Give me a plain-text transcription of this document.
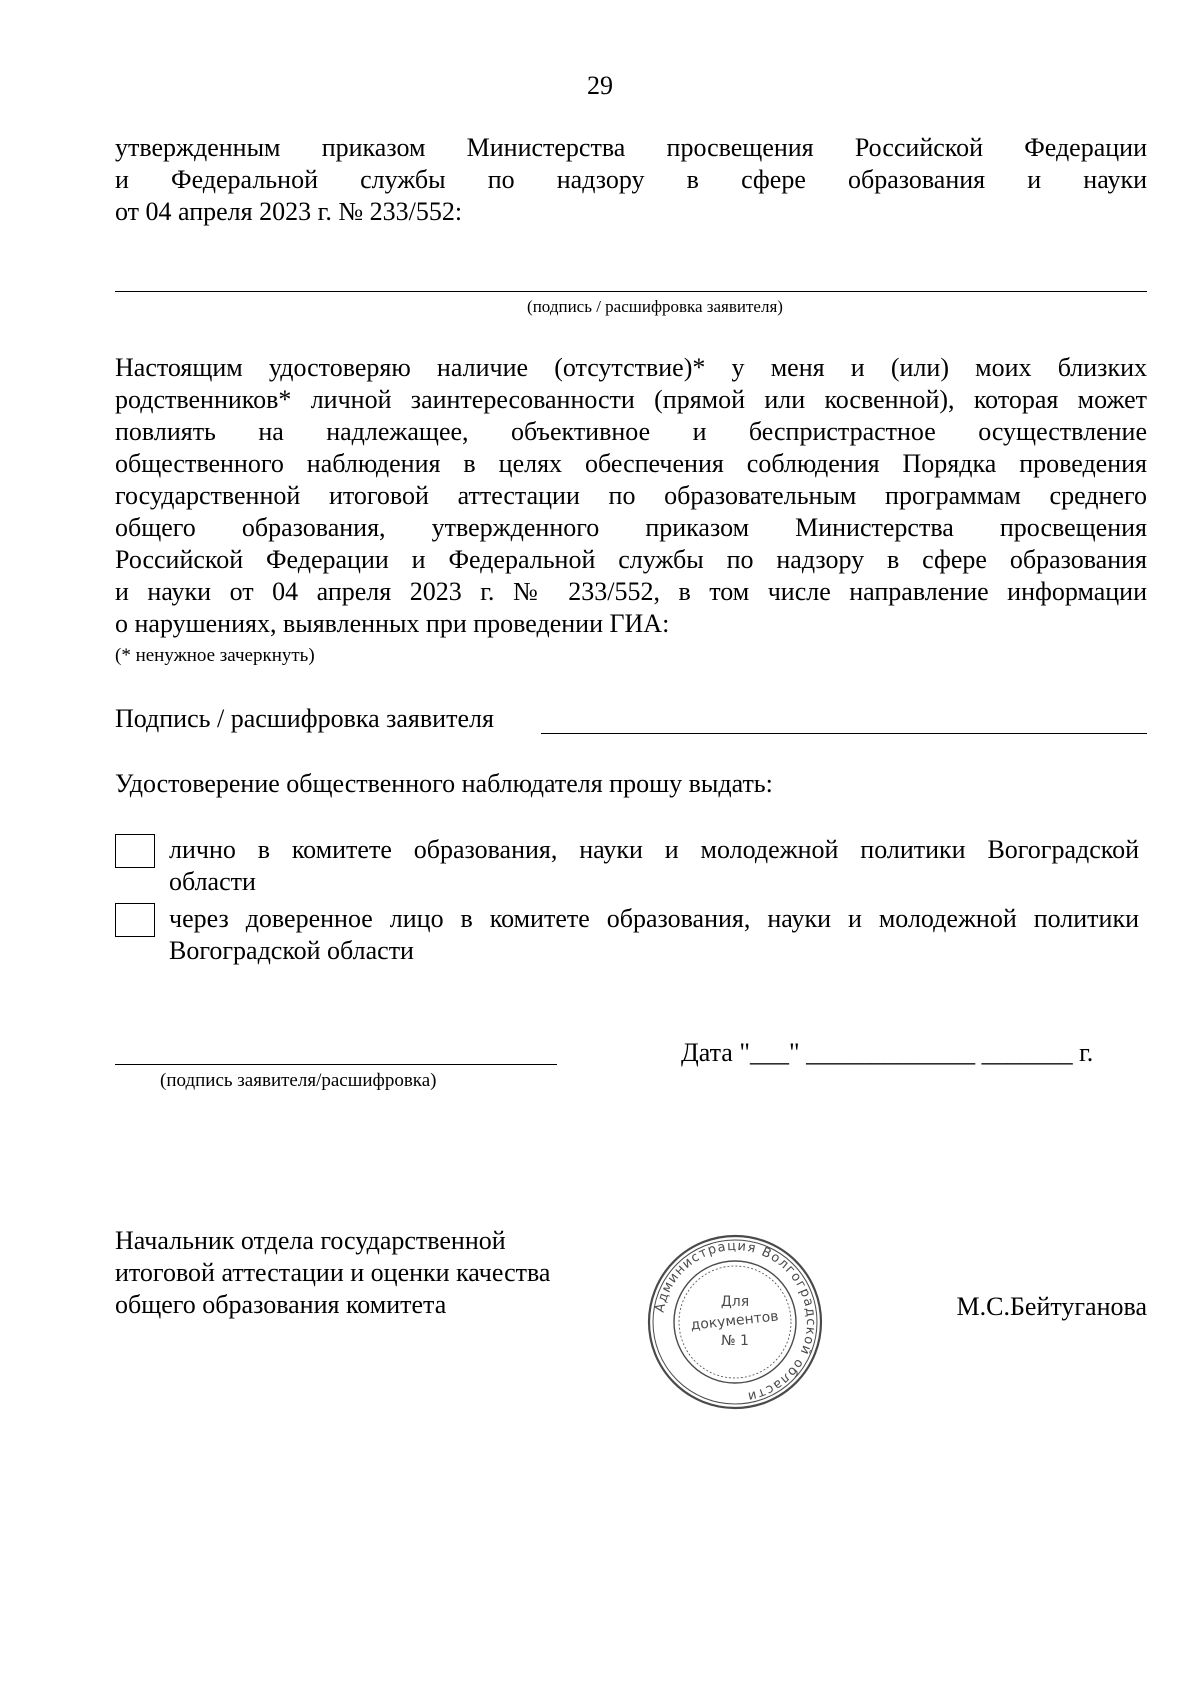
29
утвержденным приказом Министерства просвещения Российской Федерации
и Федеральной службы по надзору в сфере образования и науки
от 04 апреля 2023 г. № 233/552:
(подпись / расшифровка заявителя)
Настоящим удостоверяю наличие (отсутствие)* у меня и (или) моих близких
родственников* личной заинтересованности (прямой или косвенной), которая может
повлиять на надлежащее, объективное и беспристрастное осуществление
общественного наблюдения в целях обеспечения соблюдения Порядка проведения
государственной итоговой аттестации по образовательным программам среднего
общего образования, утвержденного приказом Министерства просвещения
Российской Федерации и Федеральной службы по надзору в сфере образования
и науки от 04 апреля 2023 г. № 233/552, в том числе направление информации
о нарушениях, выявленных при проведении ГИА:
(* ненужное зачеркнуть)
Подпись / расшифровка заявителя
Удостоверение общественного наблюдателя прошу выдать:
лично в комитете образования, науки и молодежной политики Вогоградской
области
через доверенное лицо в комитете образования, науки и молодежной политики
Вогоградской области
(подпись заявителя/расшифровка)
Дата "___" _____________ _______ г.
Начальник отдела государственной
итоговой аттестации и оценки качества
общего образования комитета	М.С.Бейтуганова
Администрация Волгоградской области
Для
документов
№ 1
